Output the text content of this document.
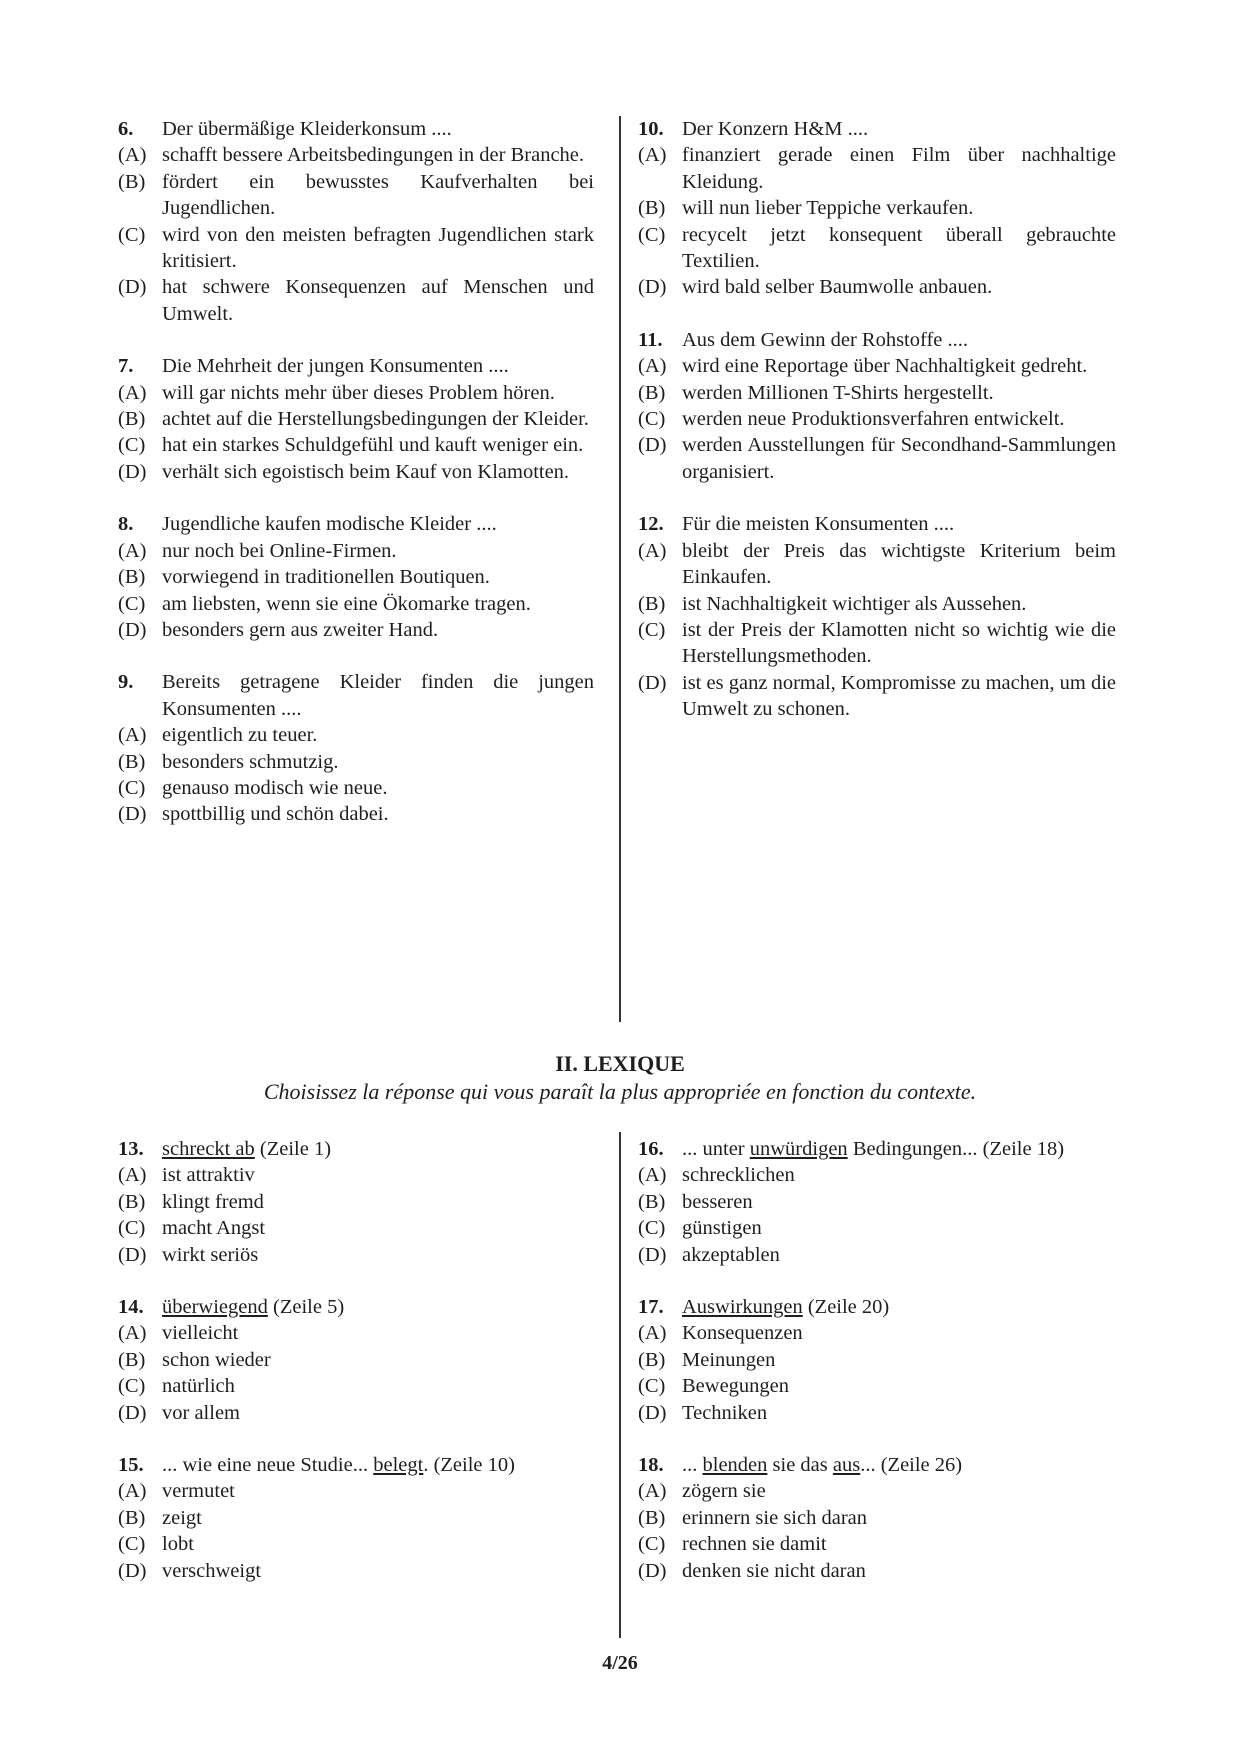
6.	Der übermäßige Kleiderkonsum ....
(A) schafft bessere Arbeitsbedingungen in der Branche.
(B) fördert ein bewusstes Kaufverhalten bei Jugendlichen.
(C) wird von den meisten befragten Jugendlichen stark kritisiert.
(D) hat schwere Konsequenzen auf Menschen und Umwelt.
7.	Die Mehrheit der jungen Konsumenten ....
(A) will gar nichts mehr über dieses Problem hören.
(B) achtet auf die Herstellungsbedingungen der Kleider.
(C) hat ein starkes Schuldgefühl und kauft weniger ein.
(D) verhält sich egoistisch beim Kauf von Klamotten.
8.	Jugendliche kaufen modische Kleider ....
(A) nur noch bei Online-Firmen.
(B) vorwiegend in traditionellen Boutiquen.
(C) am liebsten, wenn sie eine Ökomarke tragen.
(D) besonders gern aus zweiter Hand.
9.	Bereits getragene Kleider finden die jungen Konsumenten ....
(A) eigentlich zu teuer.
(B) besonders schmutzig.
(C) genauso modisch wie neue.
(D) spottbillig und schön dabei.
10. Der Konzern H&M ....
(A) finanziert gerade einen Film über nachhaltige Kleidung.
(B) will nun lieber Teppiche verkaufen.
(C) recycelt jetzt konsequent überall gebrauchte Textilien.
(D) wird bald selber Baumwolle anbauen.
11. Aus dem Gewinn der Rohstoffe ....
(A) wird eine Reportage über Nachhaltigkeit gedreht.
(B) werden Millionen T-Shirts hergestellt.
(C) werden neue Produktionsverfahren entwickelt.
(D) werden Ausstellungen für Secondhand-Sammlungen organisiert.
12. Für die meisten Konsumenten ....
(A) bleibt der Preis das wichtigste Kriterium beim Einkaufen.
(B) ist Nachhaltigkeit wichtiger als Aussehen.
(C) ist der Preis der Klamotten nicht so wichtig wie die Herstellungsmethoden.
(D) ist es ganz normal, Kompromisse zu machen, um die Umwelt zu schonen.
II. LEXIQUE
Choisissez la réponse qui vous paraît la plus appropriée en fonction du contexte.
13. schreckt ab (Zeile 1)
(A) ist attraktiv
(B) klingt fremd
(C) macht Angst
(D) wirkt seriös
14. überwiegend (Zeile 5)
(A) vielleicht
(B) schon wieder
(C) natürlich
(D) vor allem
15. ... wie eine neue Studie... belegt. (Zeile 10)
(A) vermutet
(B) zeigt
(C) lobt
(D) verschweigt
16. ... unter unwürdigen Bedingungen... (Zeile 18)
(A) schrecklichen
(B) besseren
(C) günstigen
(D) akzeptablen
17. Auswirkungen (Zeile 20)
(A) Konsequenzen
(B) Meinungen
(C) Bewegungen
(D) Techniken
18. ... blenden sie das aus... (Zeile 26)
(A) zögern sie
(B) erinnern sie sich daran
(C) rechnen sie damit
(D) denken sie nicht daran
4/26
